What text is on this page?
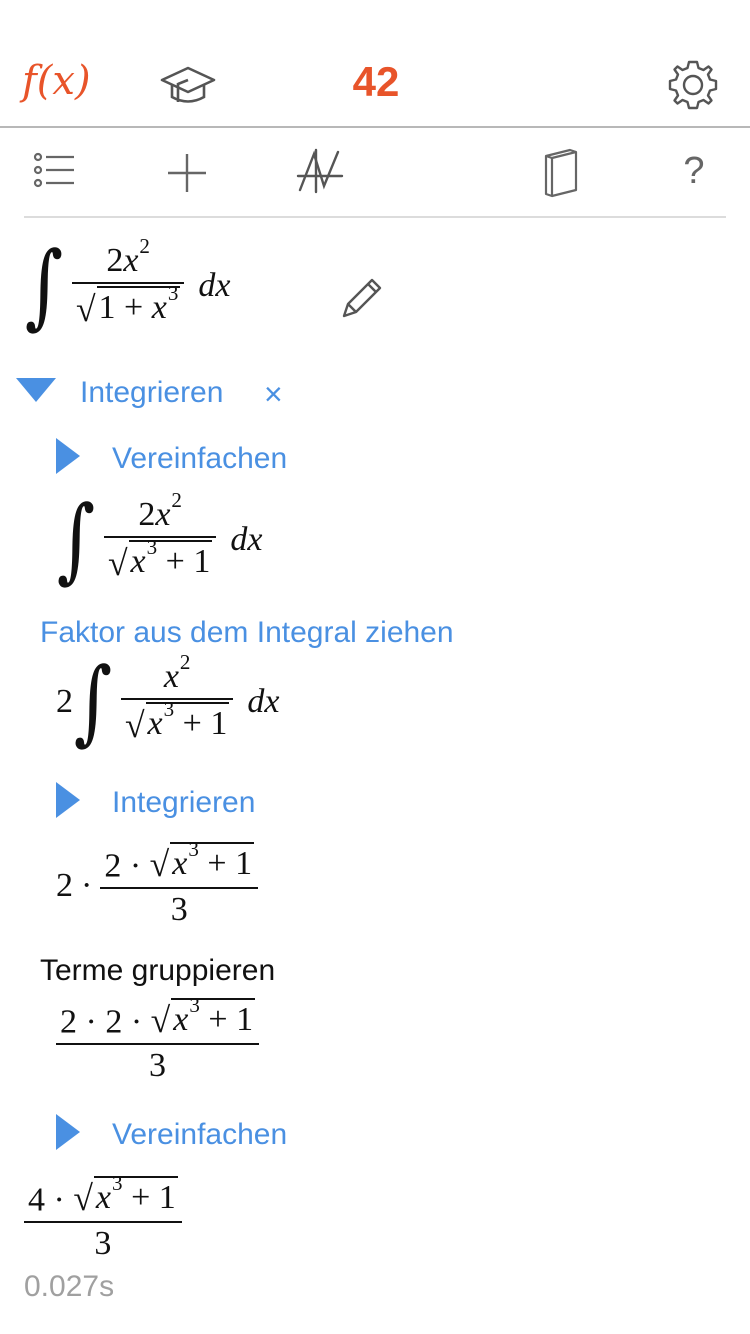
f(x)	42
?
∫ $\frac{2x^2}{√ 1 + x^3}$ dx
Integrieren ×
Vereinfachen
∫ $\frac{2x^2}{√ x^3 + 1}$ dx
Faktor aus dem Integral ziehen
2 ∫ $\frac{x^2}{√ x^3 + 1}$ dx
Integrieren
$2 \cdot \frac{2 \cdot √ x^3 + 1}{3}$
Terme gruppieren
$\frac{2 \cdot 2 \cdot √ x^3 + 1}{3}$
Vereinfachen
$\frac{4 \cdot √ x^3 + 1}{3}$
0.027s
